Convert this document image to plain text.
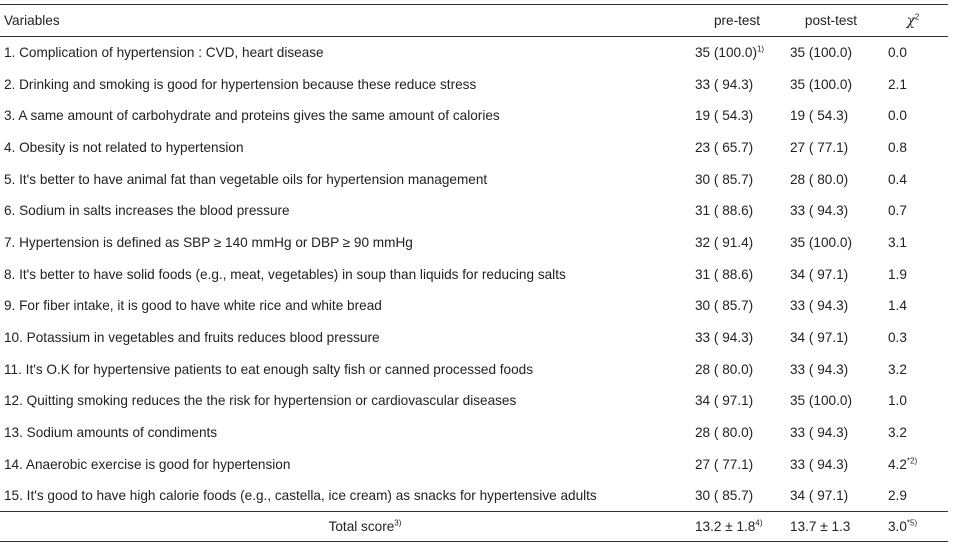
Variables	pre-test	post-test	$\chi^2$
1. Complication of hypertension : CVD, heart disease	35 $(100.0)^{1)}$	35 (100.0)	0.0
2. Drinking and smoking is good for hypertension because these reduce stress	33 ( 94.3)	35 (100.0)	2.1
3. A same amount of carbohydrate and proteins gives the same amount of calories	19 ( 54.3)	19 ( 54.3)	0.0
4. Obesity is not related to hypertension	23 ( 65.7)	27 ( 77.1)	0.8
5. It's better to have animal fat than vegetable oils for hypertension management	30 ( 85.7)	28 ( 80.0)	0.4
6. Sodium in salts increases the blood pressure	31 ( 88.6)	33 ( 94.3)	0.7
7. Hypertension is defined as SBP ≥ 140 mmHg or DBP ≥ 90 mmHg	32 ( 91.4)	35 (100.0)	3.1
8. It's better to have solid foods (e.g., meat, vegetables) in soup than liquids for reducing salts	31 ( 88.6)	34 ( 97.1)	1.9
9. For fiber intake, it is good to have white rice and white bread	30 ( 85.7)	33 ( 94.3)	1.4
10. Potassium in vegetables and fruits reduces blood pressure	33 ( 94.3)	34 ( 97.1)	0.3
11. It's O.K for hypertensive patients to eat enough salty fish or canned processed foods	28 ( 80.0)	33 ( 94.3)	3.2
12. Quitting smoking reduces the the risk for hypertension or cardiovascular diseases	34 ( 97.1)	35 (100.0)	1.0
13. Sodium amounts of condiments	28 ( 80.0)	33 ( 94.3)	3.2
14. Anaerobic exercise is good for hypertension	27 ( 77.1)	33 ( 94.3)	4.2$^{*2)}$
15. It's good to have high calorie foods (e.g., castella, ice cream) as snacks for hypertensive adults	30 ( 85.7)	34 ( 97.1)	2.9
Total score$^{3)}$	$13.2 \pm 1.8^{4)}$	13.7 ± 1.3	3.0$^{*5)}$
